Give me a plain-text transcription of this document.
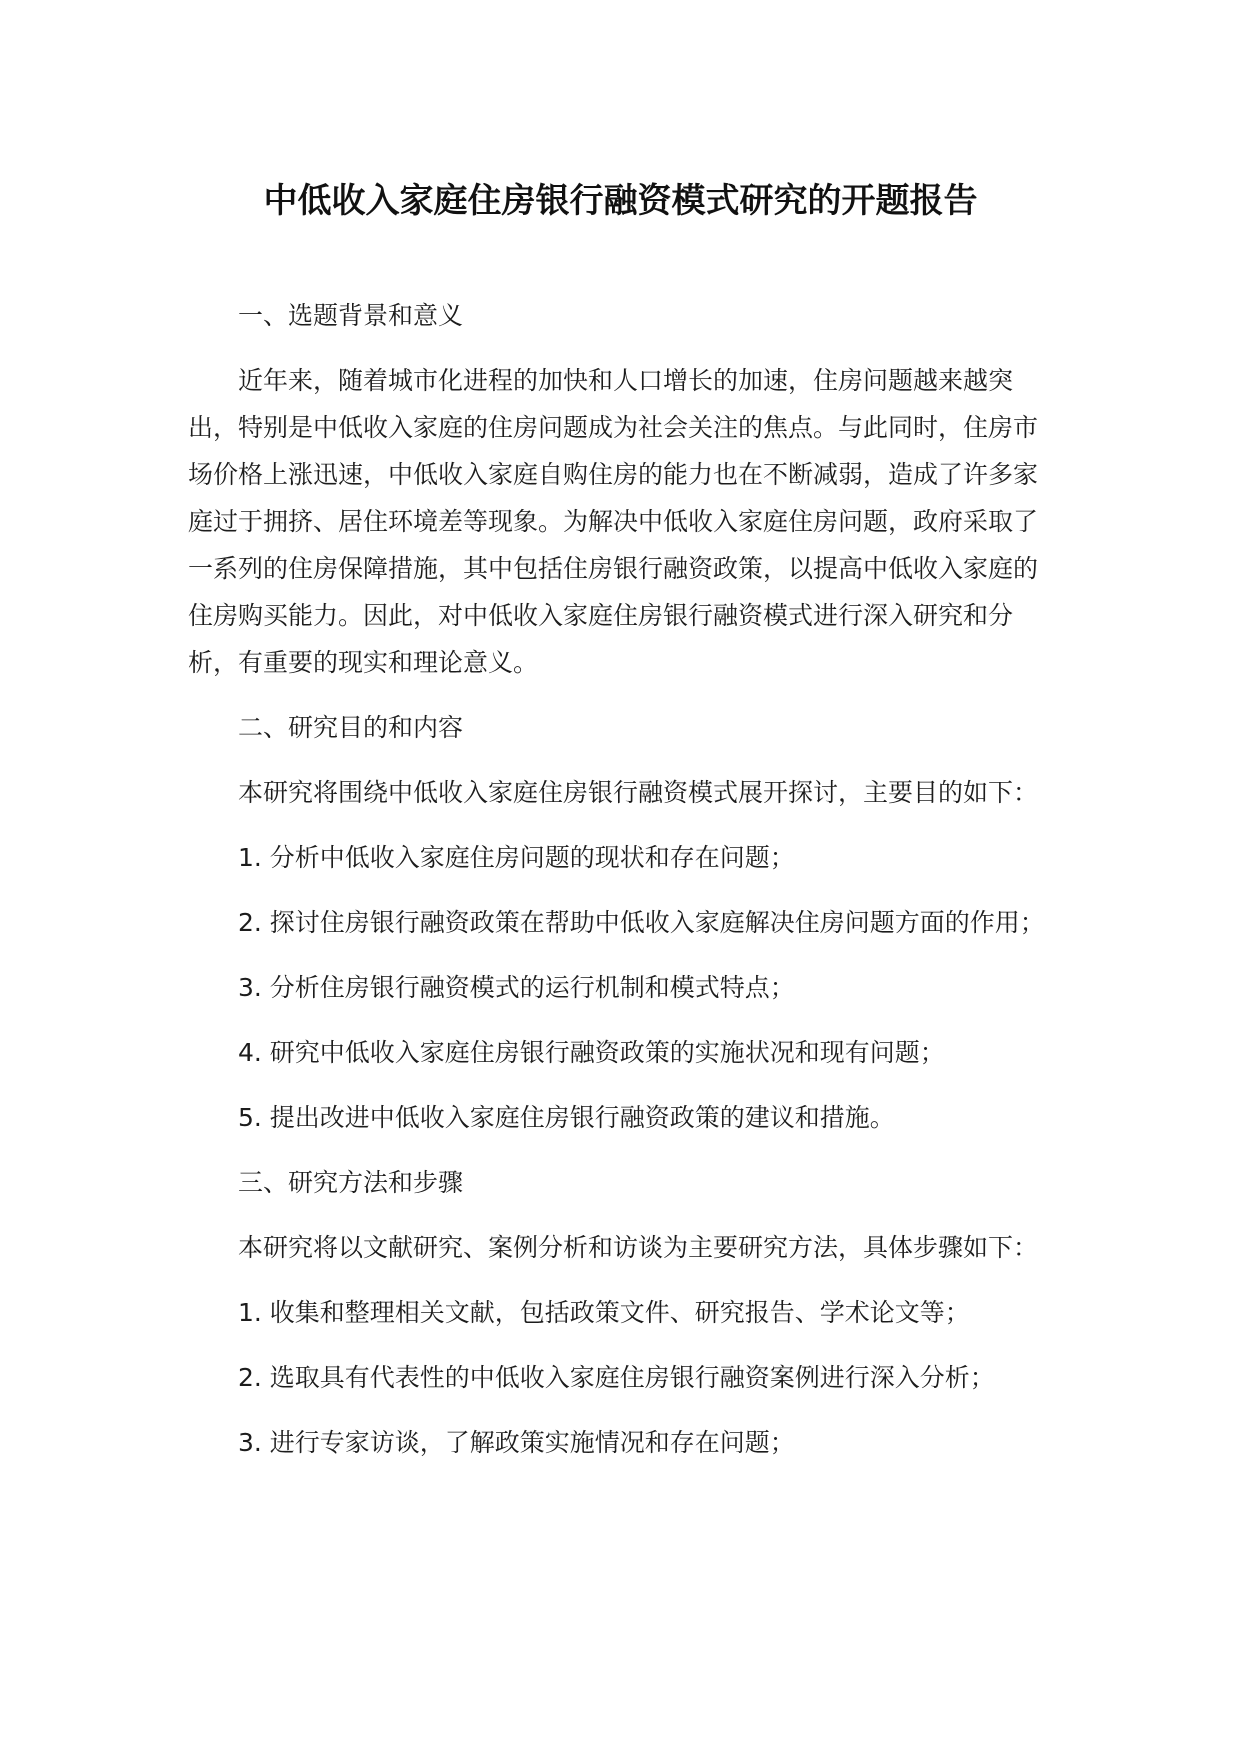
中低收入家庭住房银行融资模式研究的开题报告

一、选题背景和意义

近年来，随着城市化进程的加快和人口增长的加速，住房问题越来越突出，特别是中低收入家庭的住房问题成为社会关注的焦点。与此同时，住房市场价格上涨迅速，中低收入家庭自购住房的能力也在不断减弱，造成了许多家庭过于拥挤、居住环境差等现象。为解决中低收入家庭住房问题，政府采取了一系列的住房保障措施，其中包括住房银行融资政策，以提高中低收入家庭的住房购买能力。因此，对中低收入家庭住房银行融资模式进行深入研究和分析，有重要的现实和理论意义。

二、研究目的和内容

本研究将围绕中低收入家庭住房银行融资模式展开探讨，主要目的如下：

1. 分析中低收入家庭住房问题的现状和存在问题；

2. 探讨住房银行融资政策在帮助中低收入家庭解决住房问题方面的作用；

3. 分析住房银行融资模式的运行机制和模式特点；

4. 研究中低收入家庭住房银行融资政策的实施状况和现有问题；

5. 提出改进中低收入家庭住房银行融资政策的建议和措施。

三、研究方法和步骤

本研究将以文献研究、案例分析和访谈为主要研究方法，具体步骤如下：

1. 收集和整理相关文献，包括政策文件、研究报告、学术论文等；

2. 选取具有代表性的中低收入家庭住房银行融资案例进行深入分析；

3. 进行专家访谈，了解政策实施情况和存在问题；
